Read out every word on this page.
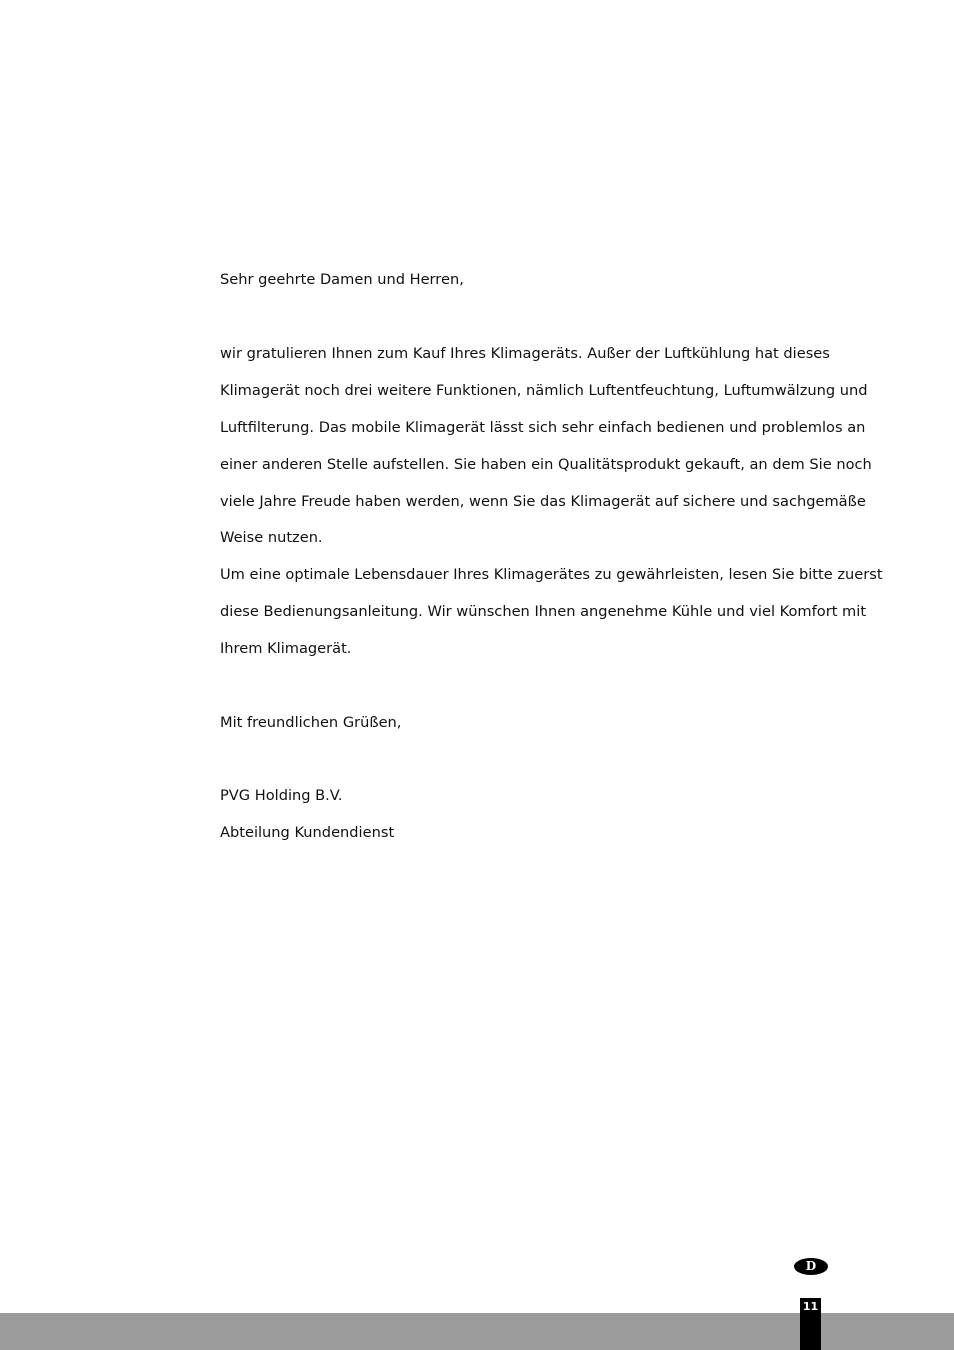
Sehr geehrte Damen und Herren,

wir gratulieren Ihnen zum Kauf Ihres Klimageräts. Außer der Luftkühlung hat dieses

Klimagerät noch drei weitere Funktionen, nämlich Luftentfeuchtung, Luftumwälzung und

Luftfilterung. Das mobile Klimagerät lässt sich sehr einfach bedienen und problemlos an

einer anderen Stelle aufstellen. Sie haben ein Qualitätsprodukt gekauft, an dem Sie noch

viele Jahre Freude haben werden, wenn Sie das Klimagerät auf sichere und sachgemäße

Weise nutzen.

Um eine optimale Lebensdauer Ihres Klimagerätes zu gewährleisten, lesen Sie bitte zuerst

diese Bedienungsanleitung. Wir wünschen Ihnen angenehme Kühle und viel Komfort mit

Ihrem Klimagerät.

Mit freundlichen Grüßen,

PVG Holding B.V.

Abteilung Kundendienst

D
11
